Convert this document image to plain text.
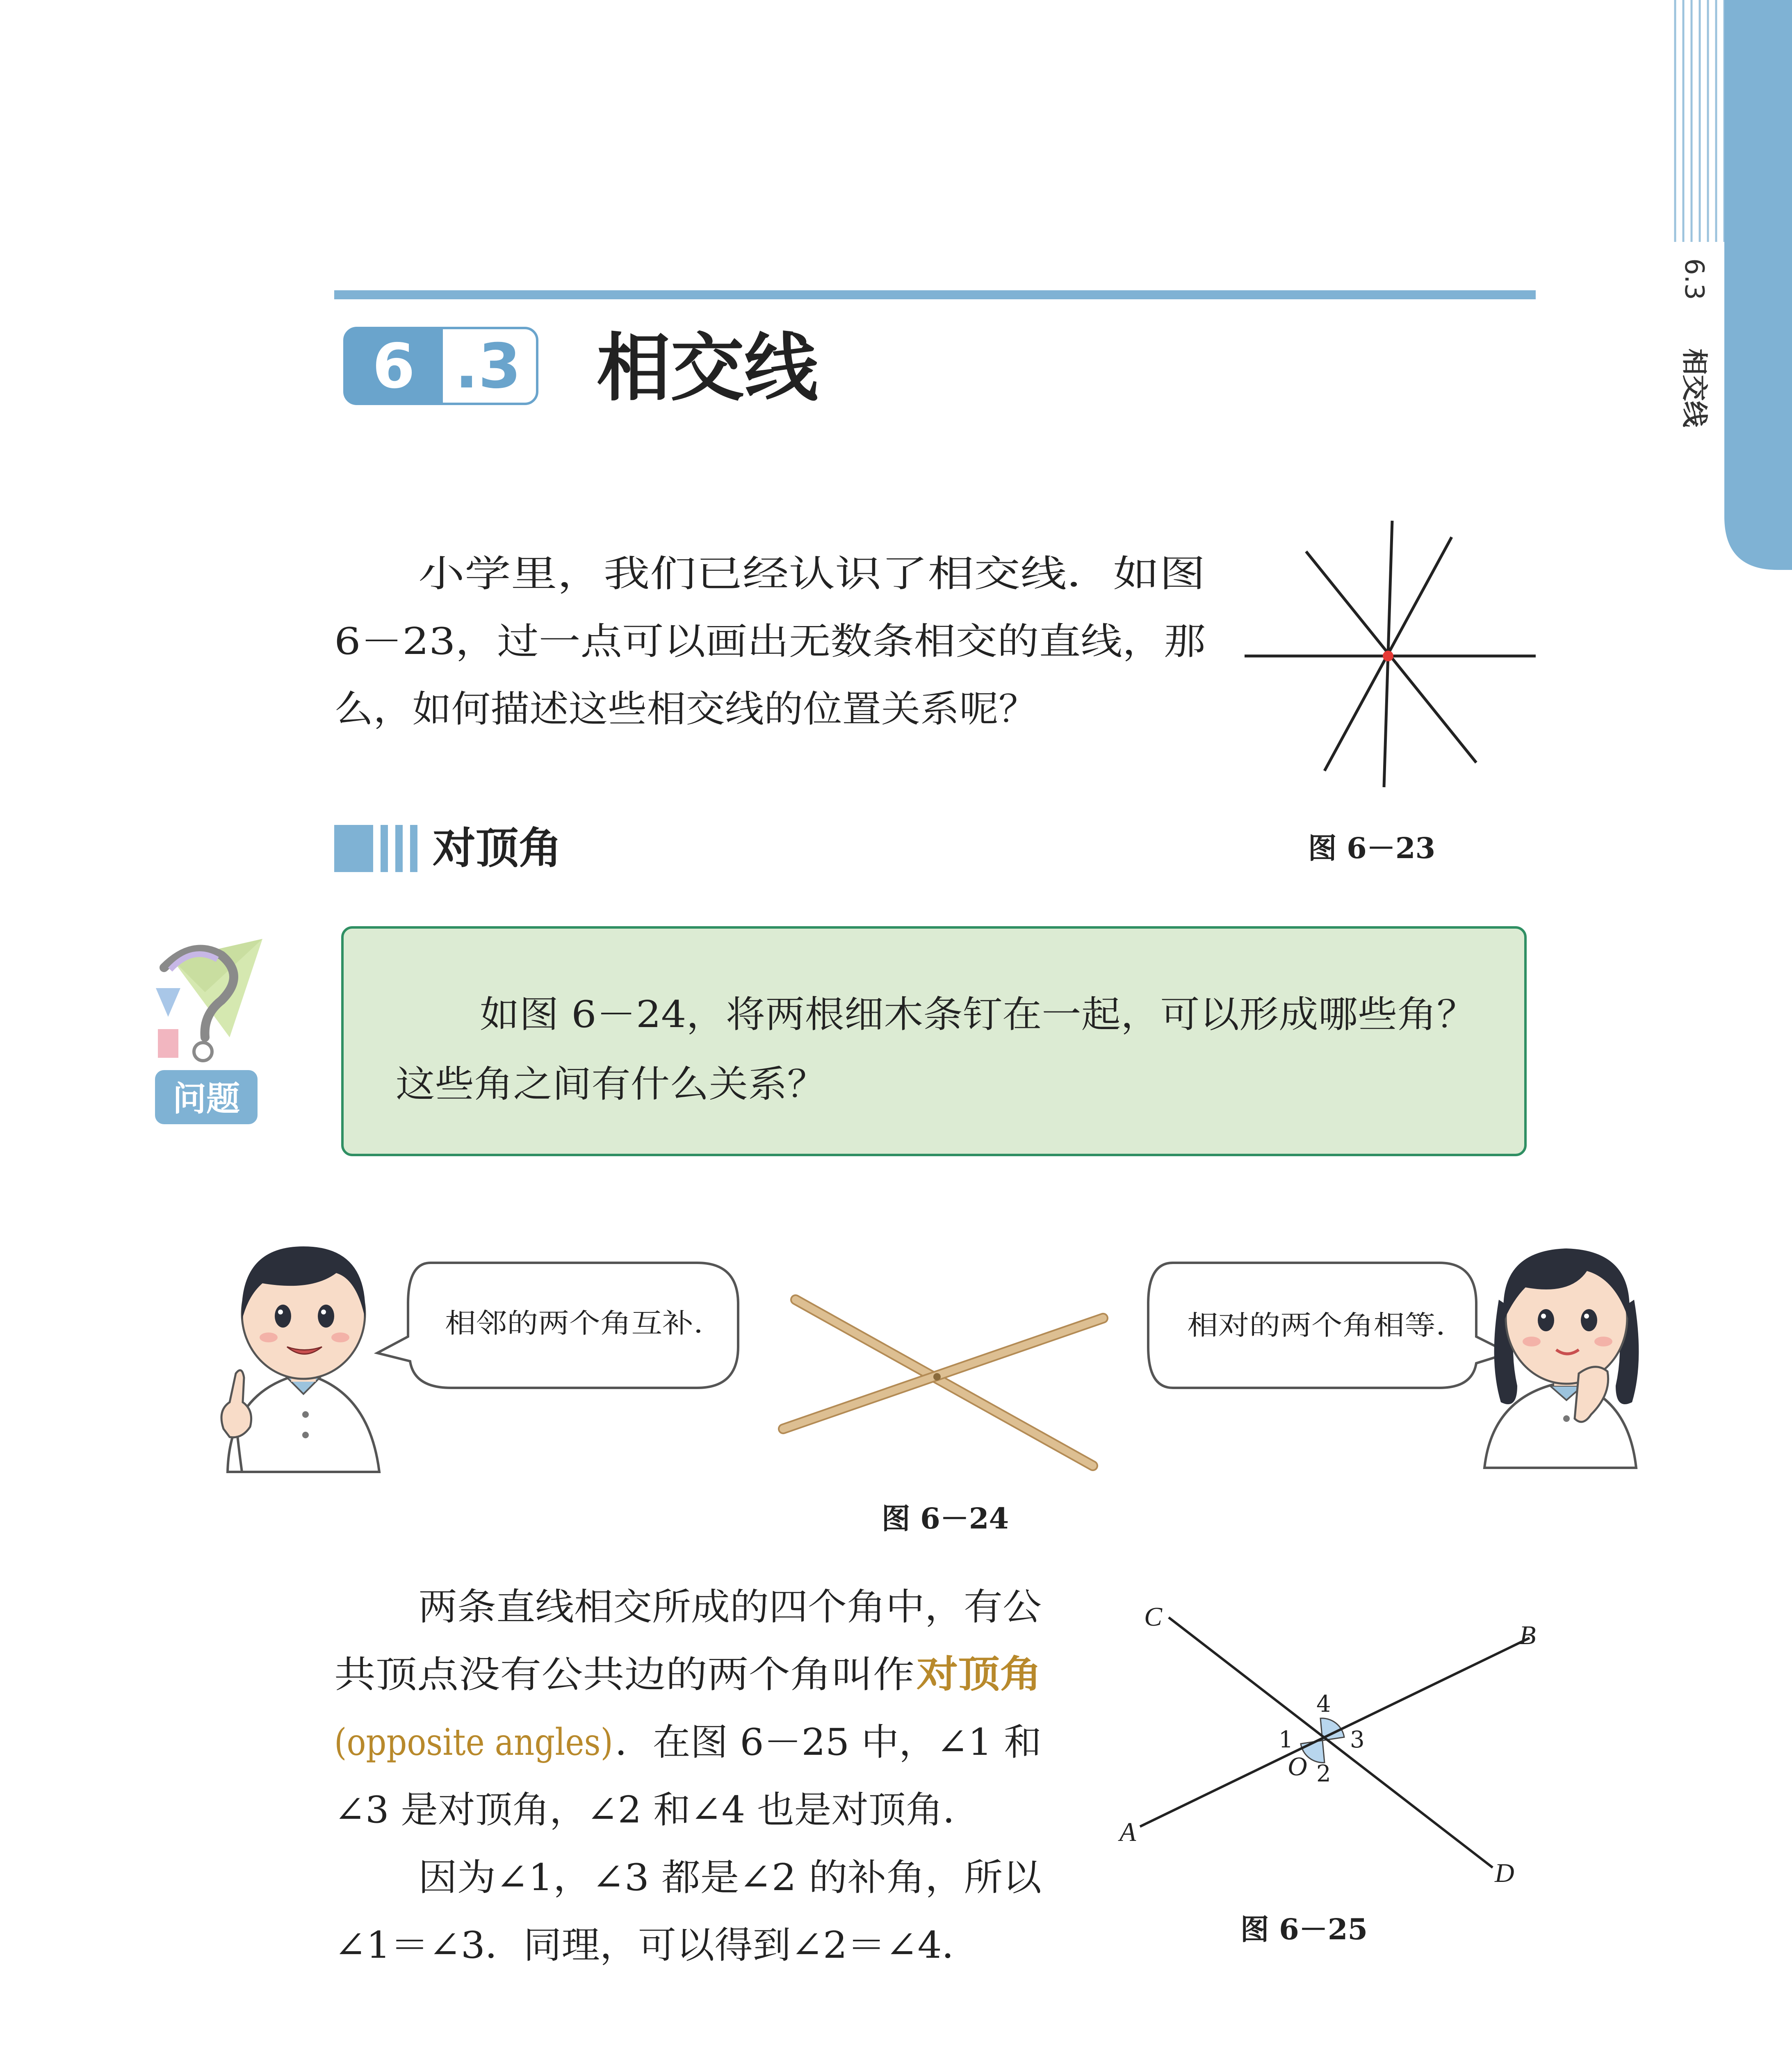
6.3
相交线
6 .3 相交线
小学里，我们已经认识了相交线．如图
6－23，过一点可以画出无数条相交的直线，那
么，如何描述这些相交线的位置关系呢？
图 6－23
对顶角
问题
如图 6－24，将两根细木条钉在一起，可以形成哪些角？
这些角之间有什么关系？
相邻的两个角互补.
图 6－24
相对的两个角相等.
两条直线相交所成的四个角中，有公
共顶点没有公共边的两个角叫作 对顶角
(opposite angles) ．在图 6－25 中，∠1 和
∠3 是对顶角，∠2 和∠4 也是对顶角．
因为∠1，∠3 都是∠2 的补角，所以
∠1＝∠3．同理，可以得到∠2＝∠4．
A
B
C
D
O
1
2
3
4
图 6－25
